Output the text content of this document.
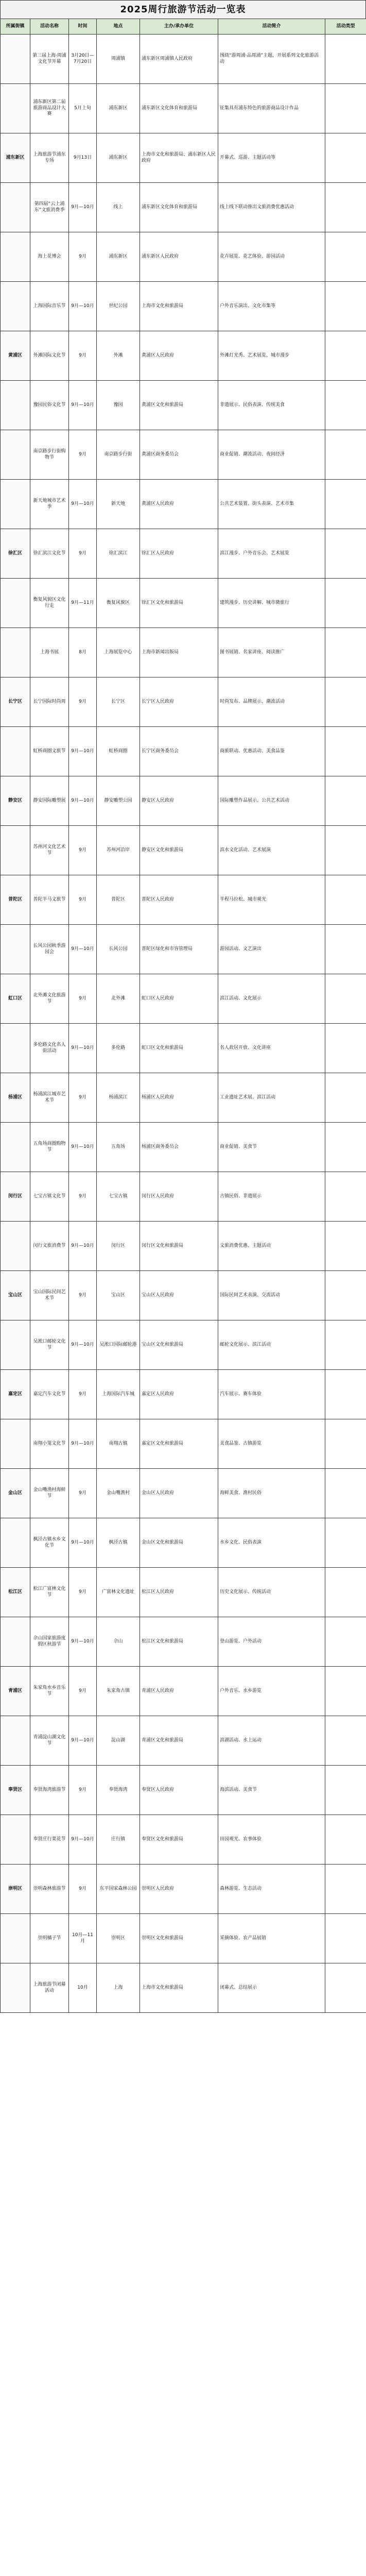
2025周行旅游节活动一览表
所属街镇	活动名称	时间	地点	主办/承办单位	活动简介	活动类型
	第三届上海·周浦文化节开幕	3月20日—7月20日	周浦镇	浦东新区周浦镇人民政府	围绕“游周浦·品周浦”主题，开展系列文化旅游活动	
	浦东新区第二届旅游商品设计大赛	5月上旬	浦东新区	浦东新区文化体育和旅游局	征集具有浦东特色的旅游商品设计作品	
浦东新区	上海旅游节浦东专场	9月13日	浦东新区	上海市文化和旅游局、浦东新区人民政府	开幕式、巡游、主题活动等	
	第四届“云上浦东”文旅消费季	9月—10月	线上	浦东新区文化体育和旅游局	线上线下联动推出文旅消费优惠活动	
	海上花博会	9月	浦东新区	浦东新区人民政府	花卉展览、花艺体验、游园活动	
	上海国际音乐节	9月—10月	世纪公园	上海市文化和旅游局	户外音乐演出、文化市集等	
黄浦区	外滩国际文化节	9月	外滩	黄浦区人民政府	外滩灯光秀、艺术展览、城市漫步	
	豫园民俗文化节	9月—10月	豫园	黄浦区文化和旅游局	非遗展示、民俗表演、传统美食	
	南京路步行街购物节	9月	南京路步行街	黄浦区商务委员会	商业促销、潮流活动、夜间经济	
	新天地城市艺术季	9月—10月	新天地	黄浦区人民政府	公共艺术装置、街头表演、艺术市集	
徐汇区	徐汇滨江文化节	9月	徐汇滨江	徐汇区人民政府	滨江漫步、户外音乐会、艺术展览	
	衡复风貌区文化行走	9月—11月	衡复风貌区	徐汇区文化和旅游局	建筑漫步、历史讲解、城市微旅行	
	上海书展	8月	上海展览中心	上海市新闻出版局	图书展销、名家讲座、阅读推广	
长宁区	长宁国际时尚周	9月	长宁区	长宁区人民政府	时尚发布、品牌展示、潮流活动	
	虹桥商圈文旅节	9月—10月	虹桥商圈	长宁区商务委员会	商旅联动、优惠活动、美食品鉴	
静安区	静安国际雕塑展	9月—10月	静安雕塑公园	静安区人民政府	国际雕塑作品展示、公共艺术活动	
	苏州河文化艺术节	9月	苏州河沿岸	静安区文化和旅游局	滨水文化活动、艺术展演	
普陀区	普陀半马文旅节	9月	普陀区	普陀区人民政府	半程马拉松、城市观光	
	长风公园秋季游园会	9月—10月	长风公园	普陀区绿化和市容管理局	游园活动、文艺演出	
虹口区	北外滩文化旅游节	9月	北外滩	虹口区人民政府	滨江活动、文化展示	
	多伦路文化名人街活动	9月—10月	多伦路	虹口区文化和旅游局	名人故居开放、文化讲座	
杨浦区	杨浦滨江城市艺术节	9月	杨浦滨江	杨浦区人民政府	工业遗址艺术展、滨江活动	
	五角场商圈购物节	9月—10月	五角场	杨浦区商务委员会	商业促销、美食节	
闵行区	七宝古镇文化节	9月	七宝古镇	闵行区人民政府	古镇民俗、非遗展示	
	闵行文旅消费节	9月—10月	闵行区	闵行区文化和旅游局	文旅消费优惠、主题活动	
宝山区	宝山国际民间艺术节	9月	宝山区	宝山区人民政府	国际民间艺术表演、交流活动	
	吴淞口邮轮文化节	9月—10月	吴淞口国际邮轮港	宝山区文化和旅游局	邮轮文化展示、滨江活动	
嘉定区	嘉定汽车文化节	9月	上海国际汽车城	嘉定区人民政府	汽车展示、赛车体验	
	南翔小笼文化节	9月—10月	南翔古镇	嘉定区文化和旅游局	美食品鉴、古镇游览	
金山区	金山嘴渔村海鲜节	9月	金山嘴渔村	金山区人民政府	海鲜美食、渔村民俗	
	枫泾古镇水乡文化节	9月—10月	枫泾古镇	金山区文化和旅游局	水乡文化、民俗表演	
松江区	松江广富林文化节	9月	广富林文化遗址	松江区人民政府	历史文化展示、传统活动	
	佘山国家旅游度假区秋游节	9月—10月	佘山	松江区文化和旅游局	登山游览、户外活动	
青浦区	朱家角水乡音乐节	9月	朱家角古镇	青浦区人民政府	户外音乐、水乡游览	
	青浦淀山湖文化节	9月—10月	淀山湖	青浦区文化和旅游局	滨湖活动、水上运动	
奉贤区	奉贤海湾旅游节	9月	奉贤海湾	奉贤区人民政府	海滨活动、美食节	
	奉贤庄行菜花节	9月—10月	庄行镇	奉贤区文化和旅游局	田园观光、农事体验	
崇明区	崇明森林旅游节	9月	东平国家森林公园	崇明区人民政府	森林游览、生态活动	
	崇明橘子节	10月—11月	崇明区	崇明区文化和旅游局	采摘体验、农产品展销	
	上海旅游节闭幕活动	10月	上海	上海市文化和旅游局	闭幕式、总结展示	
